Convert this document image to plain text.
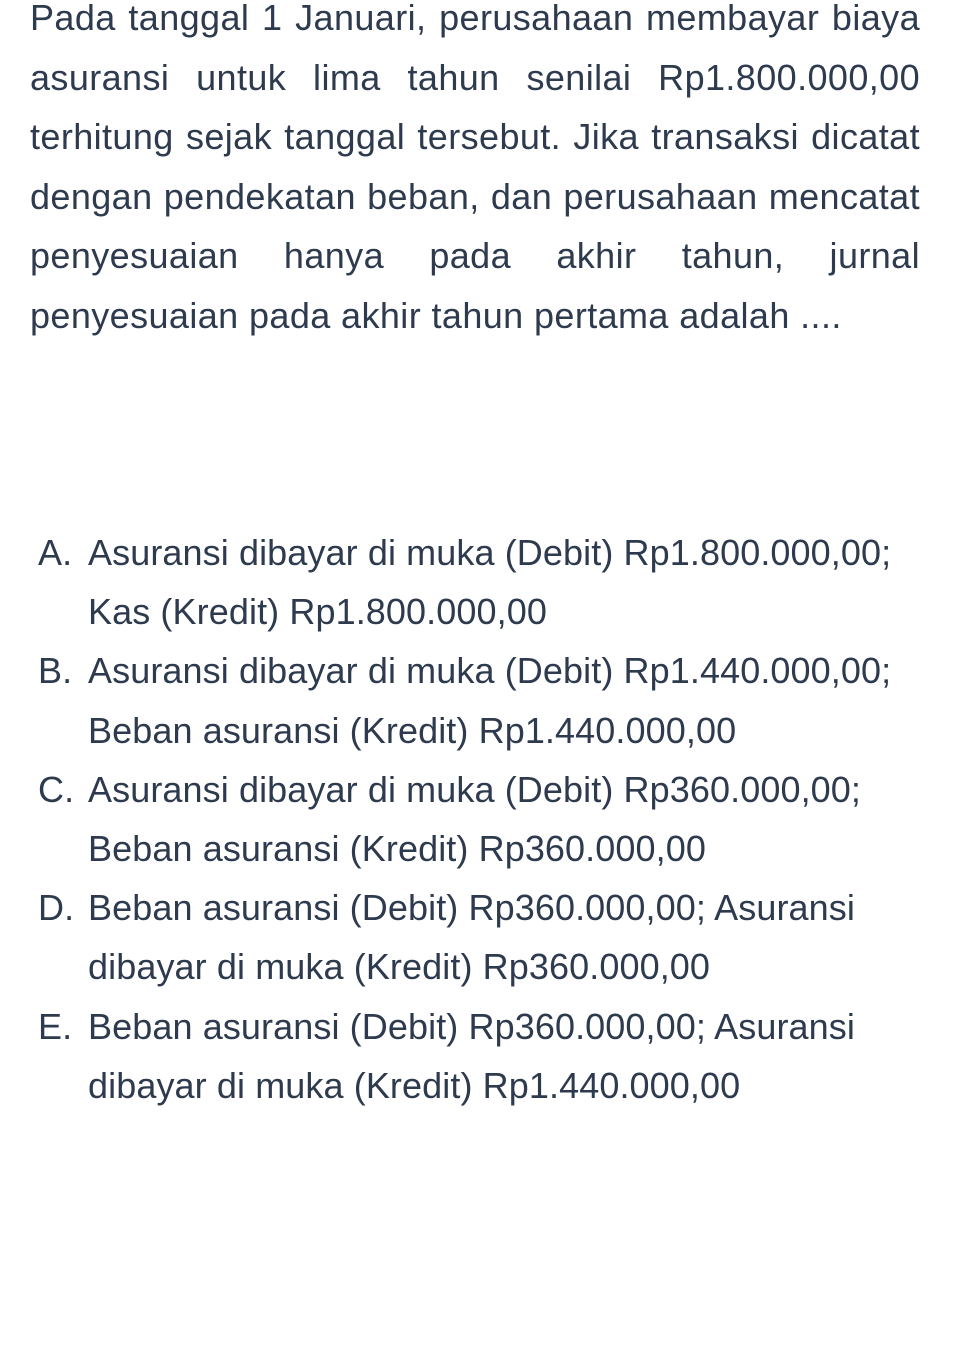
Pada tanggal 1 Januari, perusahaan membayar biaya asuransi untuk lima tahun senilai Rp1.800.000,00 terhitung sejak tanggal tersebut. Jika transaksi dicatat dengan pendekatan beban, dan perusahaan mencatat penyesuaian hanya pada akhir tahun, jurnal penyesuaian pada akhir tahun pertama adalah ....

A. Asuransi dibayar di muka (Debit) Rp1.800.000,00; Kas (Kredit) Rp1.800.000,00
B. Asuransi dibayar di muka (Debit) Rp1.440.000,00; Beban asuransi (Kredit) Rp1.440.000,00
C. Asuransi dibayar di muka (Debit) Rp360.000,00; Beban asuransi (Kredit) Rp360.000,00
D. Beban asuransi (Debit) Rp360.000,00; Asuransi dibayar di muka (Kredit) Rp360.000,00
E. Beban asuransi (Debit) Rp360.000,00; Asuransi dibayar di muka (Kredit) Rp1.440.000,00
